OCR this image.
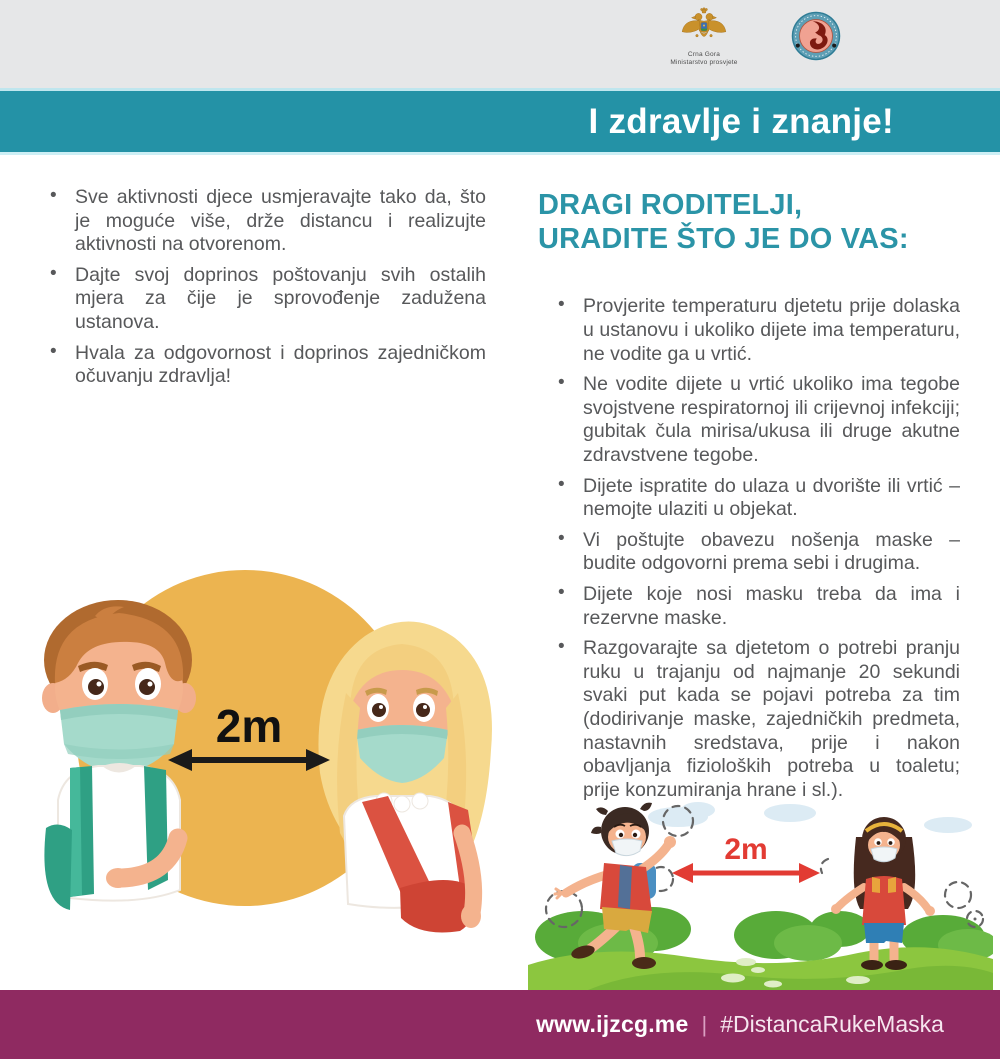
Crna Gora
Ministarstvo prosvjete
I zdravlje i znanje!
• Sve aktivnosti djece usmjeravajte tako da, što je moguće više, drže distancu i realizujte aktivnosti na otvorenom.
• Dajte svoj doprinos poštovanju svih ostalih mjera za čije je sprovođenje zadužena ustanova.
• Hvala za odgovornost i doprinos zajedničkom očuvanju zdravlja!
DRAGI RODITELJI,
URADITE ŠTO JE DO VAS:
• Provjerite temperaturu djetetu prije dolaska u ustanovu i ukoliko dijete ima temperaturu, ne vodite ga u vrtić.
• Ne vodite dijete u vrtić ukoliko ima tegobe svojstvene respiratornoj ili crijevnoj infekciji; gubitak čula mirisa/ukusa ili druge akutne zdravstvene tegobe.
• Dijete ispratite do ulaza u dvorište ili vrtić – nemojte ulaziti u objekat.
• Vi poštujte obavezu nošenja maske – budite odgovorni prema sebi i drugima.
• Dijete koje nosi masku treba da ima i rezervne maske.
• Razgovarajte sa djetetom o potrebi pranju ruku u trajanju od najmanje 20 sekundi svaki put kada se pojavi potreba za tim (dodirivanje maske, zajedničkih predmeta, nastavnih sredstava, prije i nakon obavljanja fizioloških potreba u toaletu; prije konzumiranja hrane i sl.).
2m
2m
www.ijzcg.me | #DistancaRukeMaska
